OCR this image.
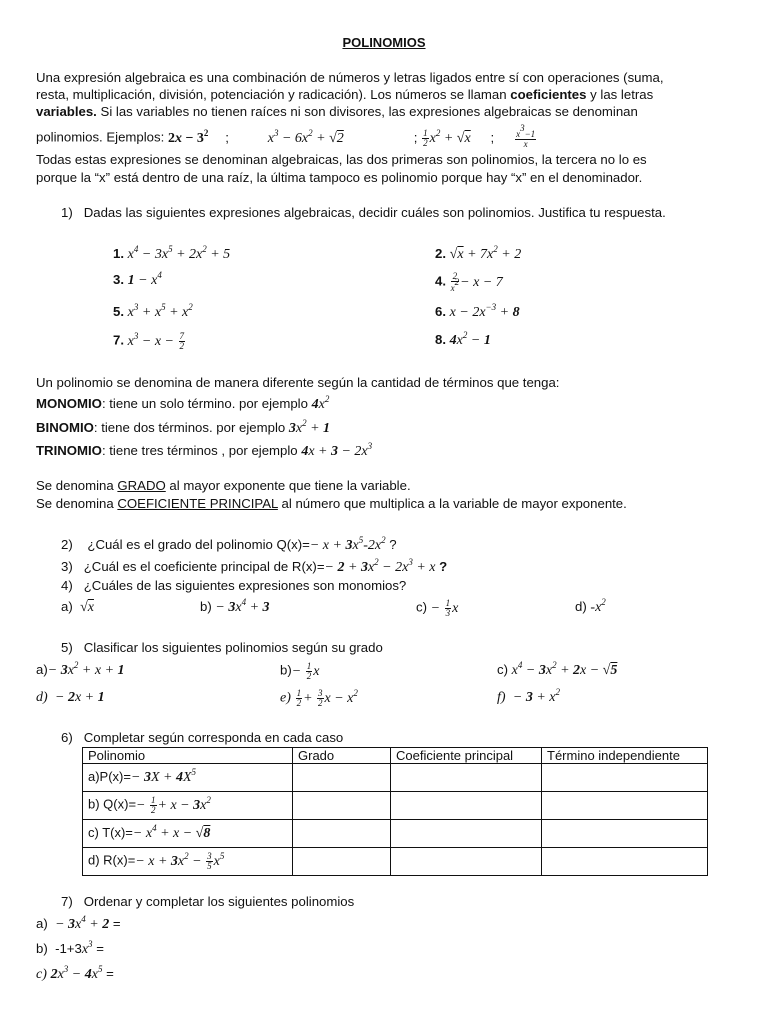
POLINOMIOS
Una expresión algebraica es una combinación de números y letras ligados entre sí con operaciones (suma,
resta, multiplicación, división, potenciación y radicación). Los números se llaman coeficientes y las letras
variables. Si las variables no tienen raíces ni son divisores, las expresiones algebraicas se denominan
polinomios. Ejemplos: $2x - 3^2$ ;	$x^3 - 6x^2 + √2$	; $\frac{1}{2} x^2 + √x$ ; $\frac{x^3-1}{x}$
Todas estas expresiones se denominan algebraicas, las dos primeras son polinomios, la tercera no lo es
porque la “x” está dentro de una raíz, la última tampoco es polinomio porque hay “x” en el denominador.
1) Dadas las siguientes expresiones algebraicas, decidir cuáles son polinomios. Justifica tu respuesta.
1. $x^4 - 3x^5 + 2x^2 + 5$	2. $√x + 7x^2 + 2$
3. $1 - x^4$	4. $\frac{2}{x^2} - x - 7$
5. $x^3 + x^5 + x^2$	6. $x - 2x^{-3} + 8$
7. $x^3 - x - \frac{7}{2}$	8. $4x^2 - 1$
Un polinomio se denomina de manera diferente según la cantidad de términos que tenga:
MONOMIO: tiene un solo término. por ejemplo $4x^2$
BINOMIO: tiene dos términos. por ejemplo $3x^2 + 1$
TRINOMIO: tiene tres términos , por ejemplo $4x + 3 - 2x^3$
Se denomina GRADO al mayor exponente que tiene la variable.
Se denomina COEFICIENTE PRINCIPAL al número que multiplica a la variable de mayor exponente.
2) ¿Cuál es el grado del polinomio $Q(x)=- x + 3x^5-2x^2$ ?
3) ¿Cuál es el coeficiente principal de $R(x)=- 2 + 3x^2 - 2x^3 + x$ ?
4) ¿Cuáles de las siguientes expresiones son monomios?
a) √x	$b) - 3x^4 + 3$	$c) - \frac{1}{3}$ x	d) $-x^2$
5) Clasificar los siguientes polinomios según su grado
$a)- 3x^2 + x + 1$	$b)- \frac{1}{2}$ x	c) $x^4 - 3x^2 + 2x - √5$
d) − 2x + 1	$e) \frac{1}{2} + \frac{3}{2}$ $x - x^2$	$f) - 3 + x^2$
6) Completar según corresponda en cada caso
Polinomio	Grado	Coeficiente principal	Término independiente
$a)P(x)=- 3X + 4X^5$			
b) $Q(x)=- \frac{1}{2} + x - 3x^2$			
c) $T(x)=- x^4 + x - √8$			
d) $R(x)=- x + 3x^2 - \frac{3}{5} x^5$			
7) Ordenar y completar los siguientes polinomios
$a) - 3x^4 + 2$ =
b) $-1+3x^3$ =
c) $2x^3 - 4x^5$ =
